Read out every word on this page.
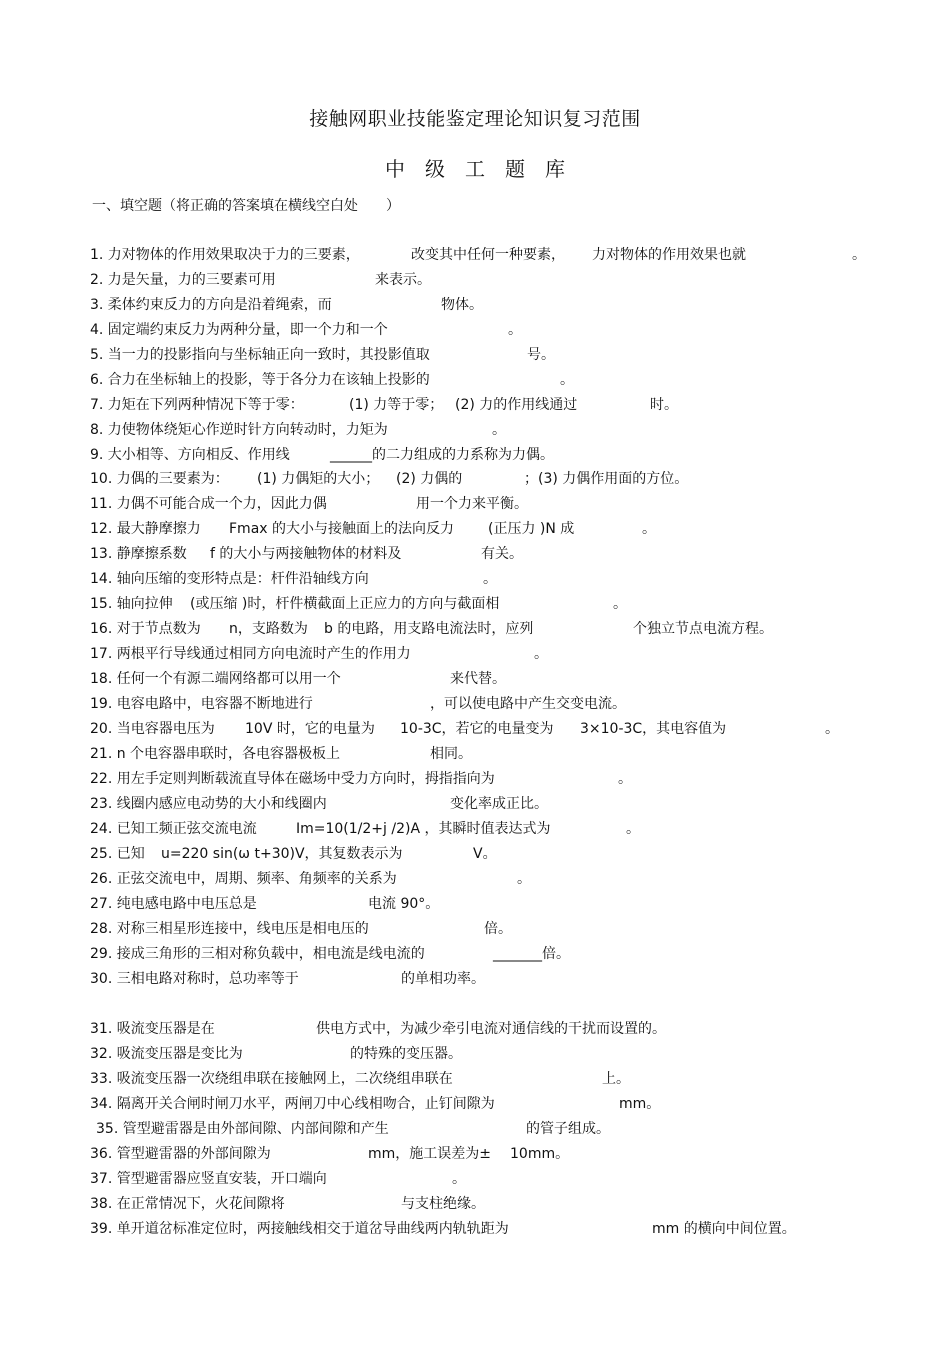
接触网职业技能鉴定理论知识复习范围
中　级　工　题　库
一、填空题（将正确的答案填在横线空白处　　）
1. 力对物体的作用效果取决于力的三要素，	改变其中任何一种要素， 力对物体的作用效果也就	。
2. 力是矢量，力的三要素可用	来表示。
3. 柔体约束反力的方向是沿着绳索，而	物体。
4. 固定端约束反力为两种分量，即一个力和一个	。
5. 当一力的投影指向与坐标轴正向一致时，其投影值取	号。
6. 合力在坐标轴上的投影，等于各分力在该轴上投影的	。
7. 力矩在下列两种情况下等于零：	(1) 力等于零； (2) 力的作用线通过	时。
8. 力使物体绕矩心作逆时针方向转动时，力矩为	。
9. 大小相等、方向相反、作用线	______的二力组成的力系称为力偶。
10. 力偶的三要素为： (1) 力偶矩的大小； (2) 力偶的	；(3) 力偶作用面的方位。
11. 力偶不可能合成一个力，因此力偶	用一个力来平衡。
12. 最大静摩擦力 Fmax 的大小与接触面上的法向反力 (正压力 )N 成	。
13. 静摩擦系数 f 的大小与两接触物体的材料及	有关。
14. 轴向压缩的变形特点是：杆件沿轴线方向	。
15. 轴向拉伸 (或压缩 )时，杆件横截面上正应力的方向与截面相	。
16. 对于节点数为 n，支路数为 b 的电路，用支路电流法时，应列	个独立节点电流方程。
17. 两根平行导线通过相同方向电流时产生的作用力	。
18. 任何一个有源二端网络都可以用一个	来代替。
19. 电容电路中，电容器不断地进行	，可以使电路中产生交变电流。
20. 当电容器电压为 10V 时，它的电量为 10-3C，若它的电量变为 3×10-3C，其电容值为	。
21. n 个电容器串联时，各电容器极板上	相同。
22. 用左手定则判断载流直导体在磁场中受力方向时，拇指指向为	。
23. 线圈内感应电动势的大小和线圈内	变化率成正比。
24. 已知工频正弦交流电流	Im=10(1/2+j /2)A ，其瞬时值表达式为	。
25. 已知 u=220 sin(ω t+30)V，其复数表示为	V。
26. 正弦交流电中，周期、频率、角频率的关系为	。
27. 纯电感电路中电压总是	电流 90°。
28. 对称三相星形连接中，线电压是相电压的	倍。
29. 接成三角形的三相对称负载中，相电流是线电流的	_______倍。
30. 三相电路对称时，总功率等于	的单相功率。
31. 吸流变压器是在	供电方式中，为减少牵引电流对通信线的干扰而设置的。
32. 吸流变压器是变比为	的特殊的变压器。
33. 吸流变压器一次绕组串联在接触网上，二次绕组串联在	上。
34. 隔离开关合闸时闸刀水平，两闸刀中心线相吻合，止钉间隙为	mm。
35. 管型避雷器是由外部间隙、内部间隙和产生	的管子组成。
36. 管型避雷器的外部间隙为	mm，施工误差为± 10mm。
37. 管型避雷器应竖直安装，开口端向	。
38. 在正常情况下，火花间隙将	与支柱绝缘。
39. 单开道岔标准定位时，两接触线相交于道岔导曲线两内轨轨距为	mm 的横向中间位置。
